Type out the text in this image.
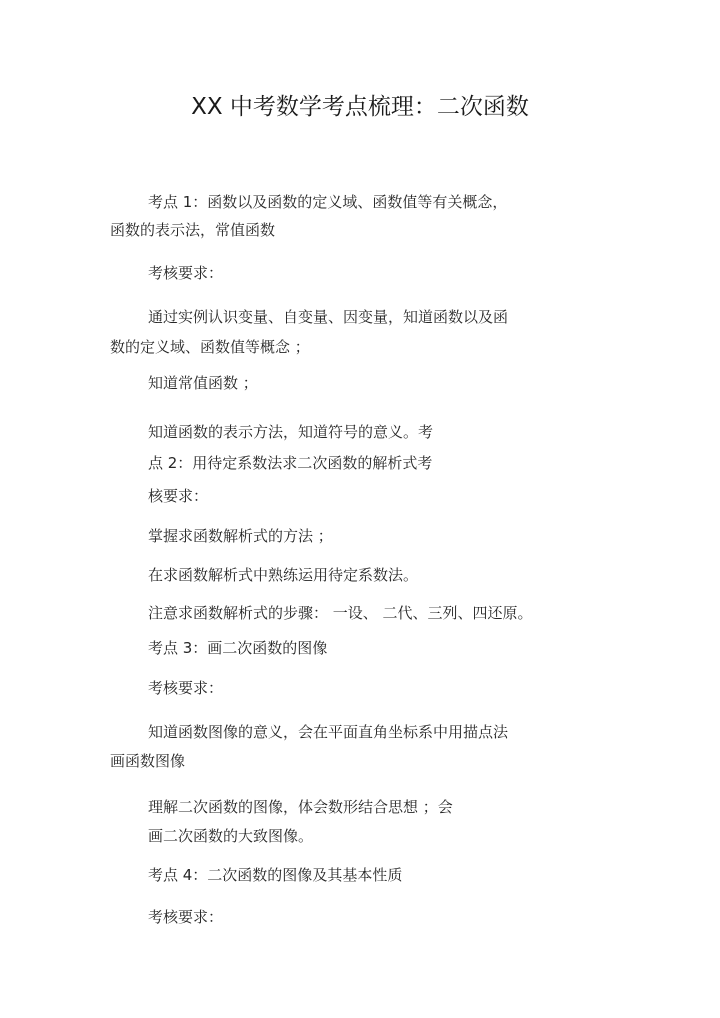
XX 中考数学考点梳理：二次函数
考点 1：函数以及函数的定义域、函数值等有关概念，
函数的表示法，常值函数
考核要求：
通过实例认识变量、自变量、因变量，知道函数以及函
数的定义域、函数值等概念 ；
知道常值函数 ；
知道函数的表示方法，知道符号的意义。考
点 2：用待定系数法求二次函数的解析式考
核要求：
掌握求函数解析式的方法 ；
在求函数解析式中熟练运用待定系数法。
注意求函数解析式的步骤： 一设、 二代、三列、四还原。
考点 3：画二次函数的图像
考核要求：
知道函数图像的意义，会在平面直角坐标系中用描点法
画函数图像
理解二次函数的图像，体会数形结合思想 ；会
画二次函数的大致图像。
考点 4：二次函数的图像及其基本性质
考核要求：
